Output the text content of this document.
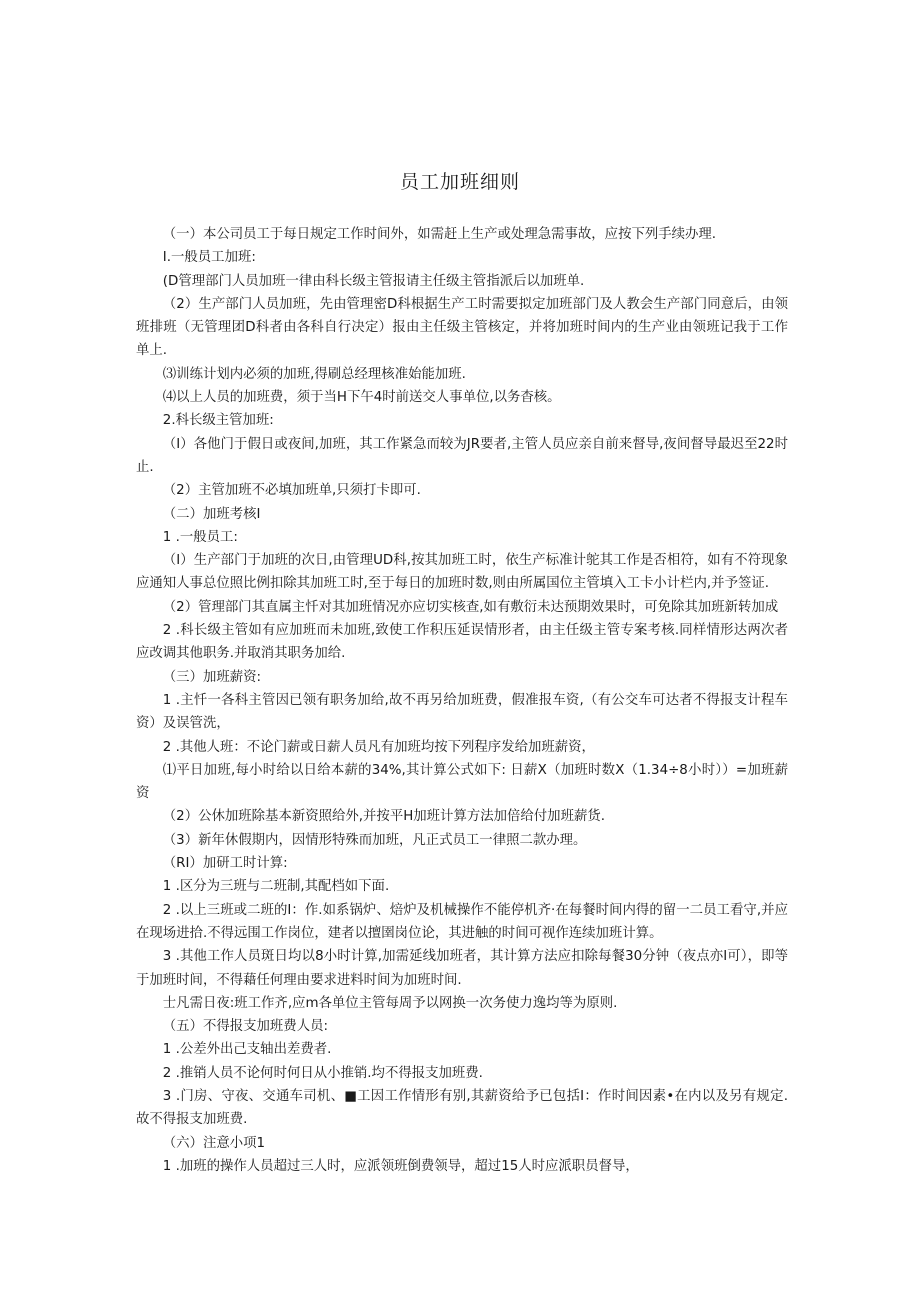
员工加班细则

（一）本公司员工于每日规定工作时间外，如需赶上生产或处理急需事故，应按下列手续办理.

I.一般员工加班:

(D管理部门人员加班一律由科长级主管报请主任级主管指派后以加班单.

（2）生产部门人员加班，先由管理密D科根据生产工时需要拟定加班部门及人教会生产部门同意后，由领班排班（无管理团D科者由各科自行决定）报由主任级主管核定，并将加班时间内的生产业由领班记我于工作单上.

⑶训练计划内必须的加班,得刷总经理核准始能加班.

⑷以上人员的加班费，须于当H下午4时前送交人事单位,以务杳核。

2.科长级主管加班:

（I）各他门于假日或夜间,加班，其工作紧急而较为JR要者,主管人员应亲自前来督导,夜间督导最迟至22时止.

（2）主管加班不必填加班单,只须打卡即可.

（二）加班考核I

1 .一般员工:

（I）生产部门于加班的次日,由管理UD科,按其加班工时，依生产标准计鸵其工作是否相符，如有不符现象应通知人事总位照比例扣除其加班工时,至于每日的加班时数,则由所属国位主管填入工卡小计栏内,并予签证.

（2）管理部门其直属主忏对其加班情况亦应切实核查,如有敷衍未达预期效果时，可免除其加班新转加成

2 .科长级主管如有应加班而未加班,致使工作积压延误情形者，由主任级主管专案考核.同样情形达两次者应改调其他职务.并取消其职务加给.

（三）加班薪资:

1 .主忏一各科主管因已领有职务加给,故不再另给加班费，假准报车资,（有公交车可达者不得报支计程车资）及误管洗，

2 .其他人班：不论门薪或日薪人员凡有加班均按下列程序发给加班薪资，

⑴平日加班,每小时给以日给本薪的34%,其计算公式如下: 日薪X（加班时数X（1.34÷8小时））=加班薪资

（2）公休加班除基本新资照给外,并按平H加班计算方法加倍给付加班薪货.

（3）新年休假期内，因情形特殊而加班，凡正式员工一律照二款办理。

（RI）加研工时计算:

1 .区分为三班与二班制,其配档如下面.

2 .以上三班或二班的I：作.如系锅炉、焙炉及机械操作不能停机齐·在每餐时间内得的留一二员工看守,并应在现场进拾.不得远围工作岗位，建者以擅圉岗位论，其进触的时间可视作连续加班计算。

3 .其他工作人员斑日均以8小时计算,加需延线加班者，其计算方法应扣除每餐30分钟（夜点亦I可），即等于加班时间，不得藉任何理由要求进料时间为加班时间.

士凡需日夜:班工作齐,应m各单位主管每周予以网换一次务使力逸均等为原则.

（五）不得报支加班费人员:

1 .公差外出己支轴出差费者.

2 .推销人员不论何时何日从小推销.均不得报支加班费.

3 .门房、守夜、交通车司机、■工因工作情形有别,其薪资给予已包括I：作时间因素•在内以及另有规定.故不得报支加班费.

（六）注意小项1

1 .加班的操作人员超过三人时，应派领班倒费领导，超过15人时应派职员督导，
